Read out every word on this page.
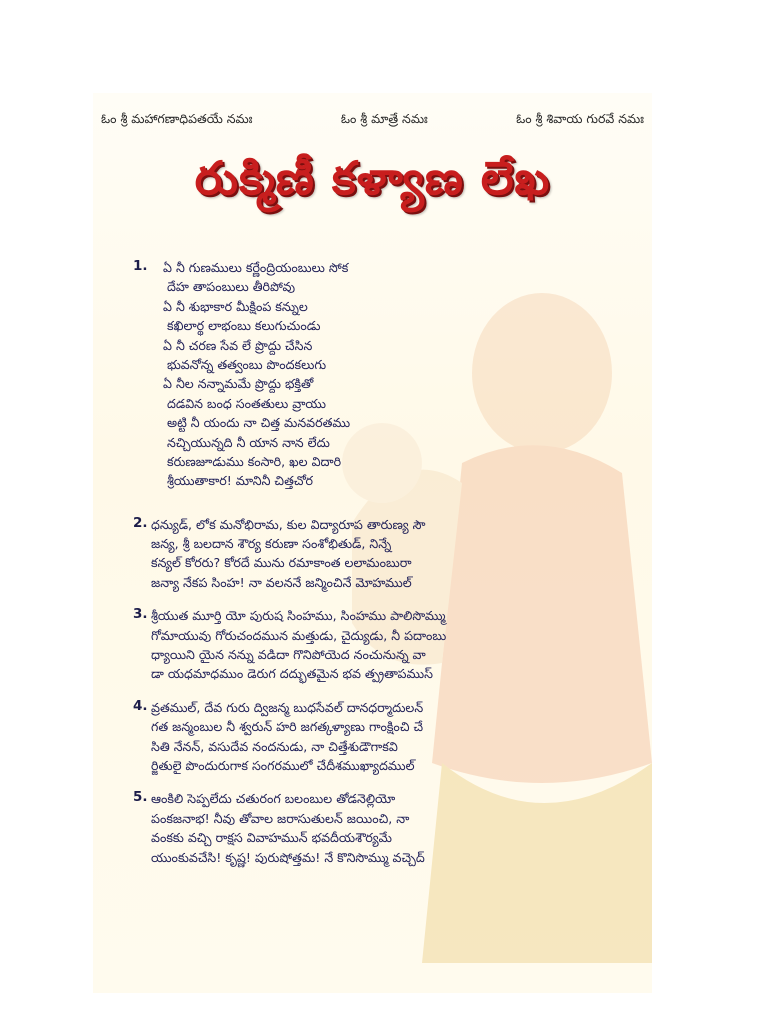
ఓం శ్రీ మహాగణాధిపతయే నమః	ఓం శ్రీ మాత్రే నమః	ఓం శ్రీ శివాయ గురవే నమః
రుక్మిణీ కళ్యాణ లేఖ
1. ఏ నీ గుణములు కర్ణేంద్రియంబులు సోక
దేహ తాపంబులు తీరిపోవు
ఏ నీ శుభాకార మీక్షింప కన్నుల
కఖిలార్థ లాభంబు కలుగుచుండు
ఏ నీ చరణ సేవ లే ప్రొద్దు చేసిన
భువనోన్న తత్వంబు పొందకలుగు
ఏ నీల నన్నామమే ప్రొద్దు భక్తితో
దడవిన బంధ సంతతులు వ్రాయు
అట్టి నీ యందు నా చిత్త మనవరతము
నచ్చియున్నది నీ యాన నాన లేదు
కరుణజూడుము కంసారి, ఖల విదారి
శ్రీయుతాకార! మానినీ చిత్తచోర
2. ధన్యుడ్, లోక మనోభిరామ, కుల విద్యారూప తారుణ్య సౌ
జన్య, శ్రీ బలదాన శౌర్య కరుణా సంశోభితుడ్, నిన్నే
కన్యల్ కోరరు? కోరదే మును రమాకాంత లలామంబురా
జన్యా నేకప సింహ! నా వలననే జన్మించినే మోహముల్
3. శ్రీయుత మూర్తి యో పురుష సింహము, సింహము పాలిసొమ్ము
గోమాయువు గోరుచందమున మత్తుడు, చైద్యుడు, నీ పదాంబు
ధ్యాయిని యైన నన్ను వడిదా గొనిపోయెద నంచునున్న వా
డా యధమాధముం డెరుగ దద్భుతమైన భవ త్ప్రతాపముస్
4. వ్రతముల్, దేవ గురు ద్విజన్మ బుధసేవల్ దానధర్మాదులన్
గత జన్మంబుల నీ శ్వరున్ హరి జగత్కళ్యాణు గాంక్షించి చే
సితి నేనన్, వసుదేవ నందనుడు, నా చిత్తేశుడౌగాకవి
ర్జితులై పొందురుగాక సంగరములో చేదీశముఖ్యాదముల్
5. ఆంకిలి సెప్పలేదు చతురంగ బలంబుల తోడనెల్లియో
పంకజనాభ! నీవు తోవాల జరాసుతులన్ జయించి, నా
వంకకు వచ్చి రాక్షస వివాహమున్ భవదీయశౌర్యమే
యుంకువచేసి! కృష్ణ! పురుషోత్తమ! నే కొనిసొమ్ము వచ్చెద్
